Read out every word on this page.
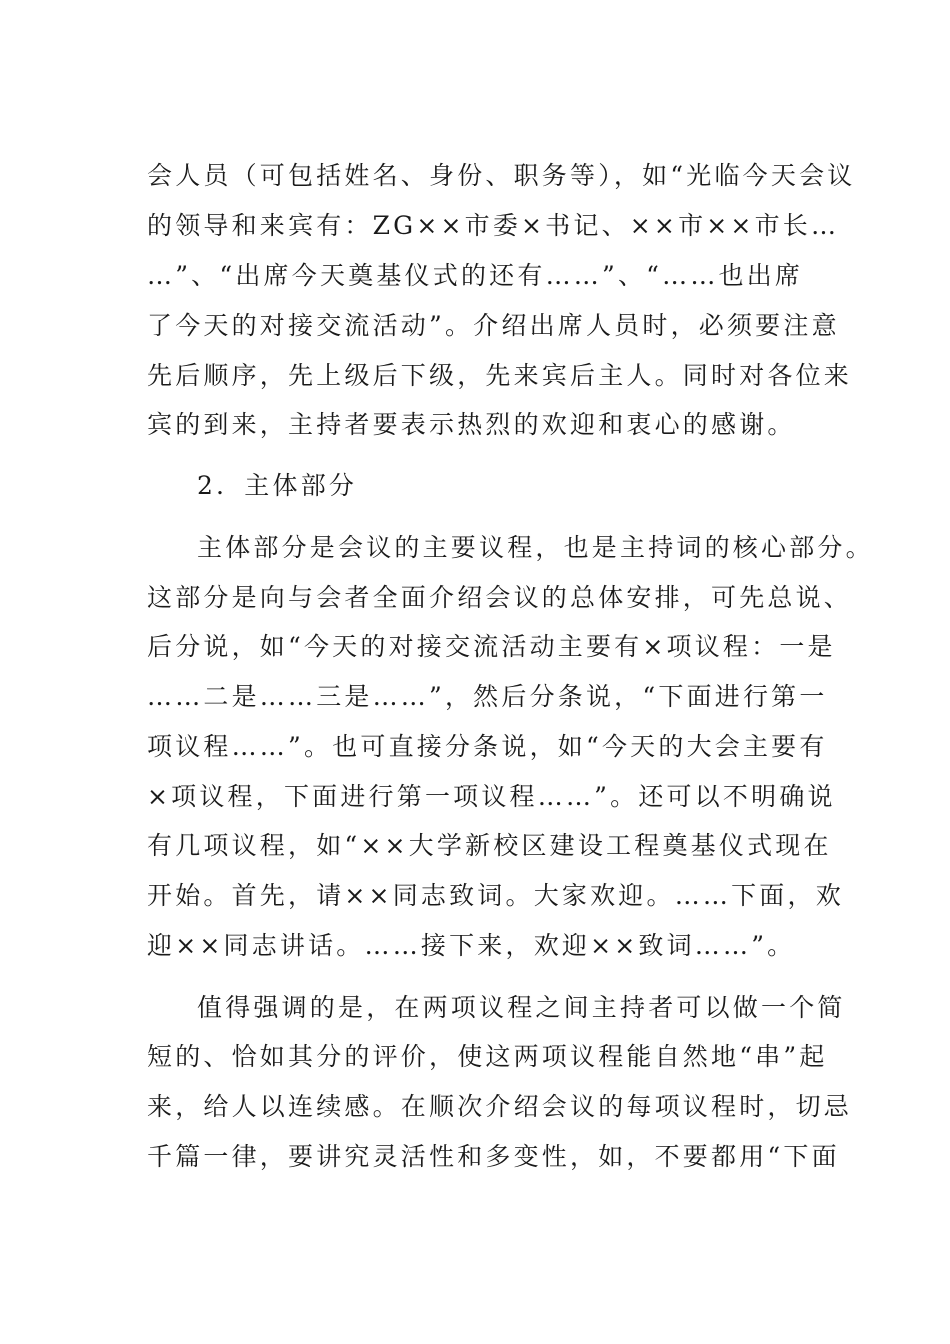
会人员（可包括姓名、身份、职务等），如“光临今天会议
的领导和来宾有：ZG××市委×书记、××市××市长…
…”、“出席今天奠基仪式的还有……”、“……也出席
了今天的对接交流活动”。介绍出席人员时，必须要注意
先后顺序，先上级后下级，先来宾后主人。同时对各位来
宾的到来，主持者要表示热烈的欢迎和衷心的感谢。
2．主体部分
主体部分是会议的主要议程，也是主持词的核心部分。
这部分是向与会者全面介绍会议的总体安排，可先总说、
后分说，如“今天的对接交流活动主要有×项议程：一是
……二是……三是……”，然后分条说，“下面进行第一
项议程……”。也可直接分条说，如“今天的大会主要有
×项议程，下面进行第一项议程……”。还可以不明确说
有几项议程，如“××大学新校区建设工程奠基仪式现在
开始。首先，请××同志致词。大家欢迎。……下面，欢
迎××同志讲话。……接下来，欢迎××致词……”。
值得强调的是，在两项议程之间主持者可以做一个简
短的、恰如其分的评价，使这两项议程能自然地“串”起
来，给人以连续感。在顺次介绍会议的每项议程时，切忌
千篇一律，要讲究灵活性和多变性，如，不要都用“下面
